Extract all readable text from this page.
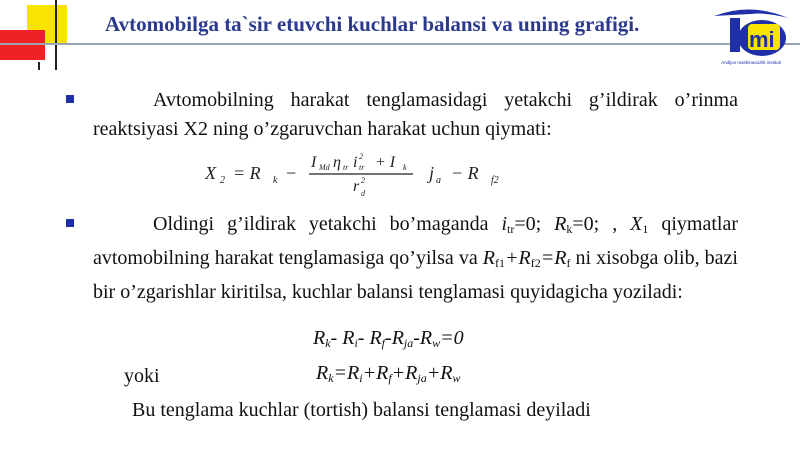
Avtomobilga ta`sir etuvchi kuchlar balansi va uning grafigi.
mi
Andijon mashinasozlik instituti
Avtomobilning harakat tenglamasidagi yetakchi g’ildirak o’rinma reaktsiyasi X2 ning o’zgaruvchan harakat uchun qiymati:
X 2 = R k −
I Md η tr i 2
tr + I k
r 2
d
j a − R f2
Oldingi g’ildirak yetakchi bo’maganda $i_{tr}=0$; $R_k=0$; , $X_1$ qiymatlar avtomobilning harakat tenglamasiga qo’yilsa va $R_{f1}+R_{f2}=R_f$ ni xisobga olib, bazi bir o’zgarishlar kiritilsa, kuchlar balansi tenglamasi quyidagicha yoziladi:
$R_k-$ $R_i-$ $R_f-R_{ja}-R_w=0$
yoki	$R_k=R_i+R_f+R_{ja}+R_w$
Bu tenglama kuchlar (tortish) balansi tenglamasi deyiladi
